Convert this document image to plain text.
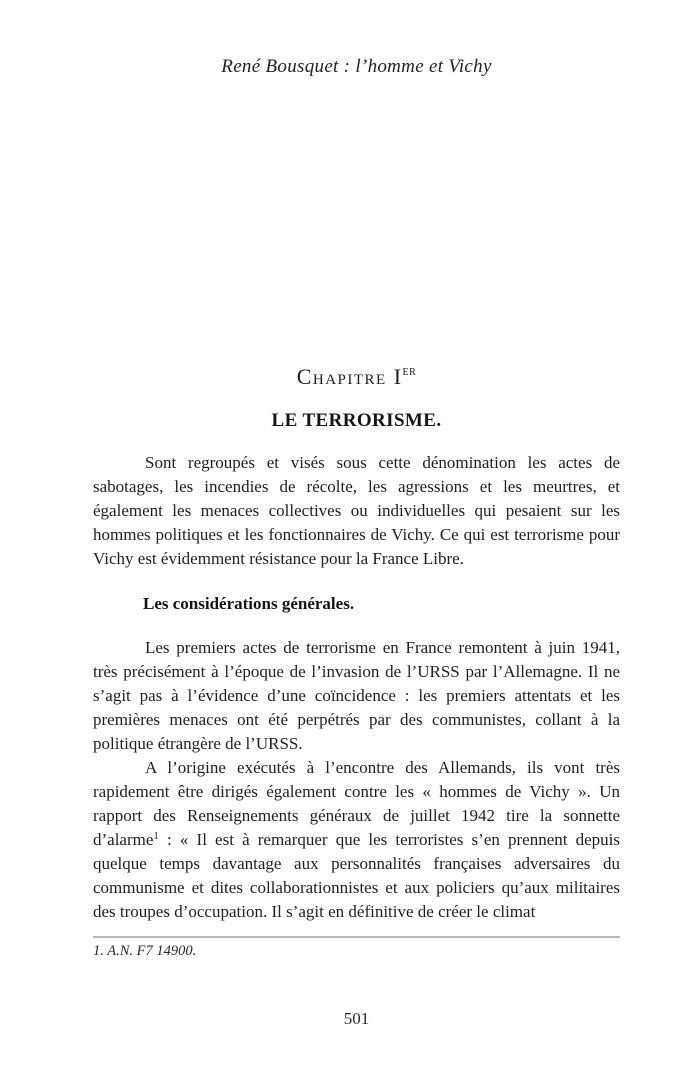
René Bousquet : l’homme et Vichy
Chapitre IER
LE TERRORISME.

Sont regroupés et visés sous cette dénomination les actes de sabotages, les incendies de récolte, les agressions et les meurtres, et également les menaces collectives ou individuelles qui pesaient sur les hommes politiques et les fonctionnaires de Vichy. Ce qui est terrorisme pour Vichy est évidemment résistance pour la France Libre.

Les considérations générales.

Les premiers actes de terrorisme en France remontent à juin 1941, très précisément à l’époque de l’invasion de l’URSS par l’Allemagne. Il ne s’agit pas à l’évidence d’une coïncidence : les premiers attentats et les premières menaces ont été perpétrés par des communistes, collant à la politique étrangère de l’URSS.

A l’origine exécutés à l’encontre des Allemands, ils vont très rapidement être dirigés également contre les « hommes de Vichy ». Un rapport des Renseignements généraux de juillet 1942 tire la sonnette d’alarme$^1$ : « Il est à remarquer que les terroristes s’en prennent depuis quelque temps davantage aux personnalités françaises adversaires du communisme et dites collaborationnistes et aux policiers qu’aux militaires des troupes d’occupation. Il s’agit en définitive de créer le climat

1. A.N. F7 14900.
501
